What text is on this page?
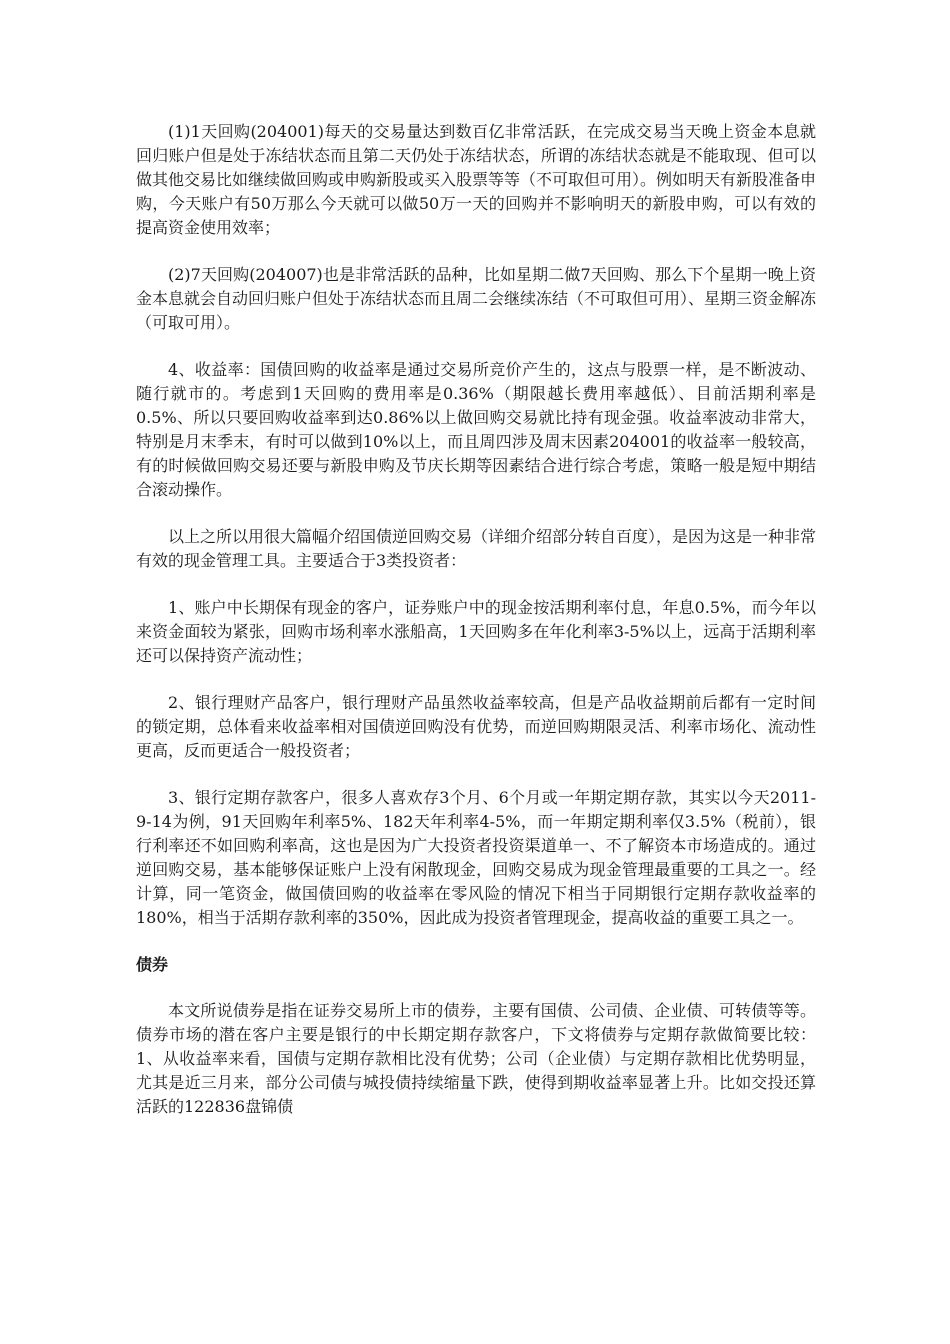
(1)1天回购(204001)每天的交易量达到数百亿非常活跃，在完成交易当天晚上资金本息就回归账户但是处于冻结状态而且第二天仍处于冻结状态，所谓的冻结状态就是不能取现、但可以做其他交易比如继续做回购或申购新股或买入股票等等（不可取但可用）。例如明天有新股准备申购，今天账户有50万那么今天就可以做50万一天的回购并不影响明天的新股申购，可以有效的提高资金使用效率；

(2)7天回购(204007)也是非常活跃的品种，比如星期二做7天回购、那么下个星期一晚上资金本息就会自动回归账户但处于冻结状态而且周二会继续冻结（不可取但可用）、星期三资金解冻（可取可用）。

4、收益率：国债回购的收益率是通过交易所竞价产生的，这点与股票一样，是不断波动、随行就市的。考虑到1天回购的费用率是0.36%（期限越长费用率越低）、目前活期利率是0.5%、所以只要回购收益率到达0.86%以上做回购交易就比持有现金强。收益率波动非常大，特别是月末季末，有时可以做到10%以上，而且周四涉及周末因素204001的收益率一般较高，有的时候做回购交易还要与新股申购及节庆长期等因素结合进行综合考虑，策略一般是短中期结合滚动操作。

以上之所以用很大篇幅介绍国债逆回购交易（详细介绍部分转自百度），是因为这是一种非常有效的现金管理工具。主要适合于3类投资者：

1、账户中长期保有现金的客户，证券账户中的现金按活期利率付息，年息0.5%，而今年以来资金面较为紧张，回购市场利率水涨船高，1天回购多在年化利率3-5%以上，远高于活期利率还可以保持资产流动性；

2、银行理财产品客户，银行理财产品虽然收益率较高，但是产品收益期前后都有一定时间的锁定期，总体看来收益率相对国债逆回购没有优势，而逆回购期限灵活、利率市场化、流动性更高，反而更适合一般投资者；

3、银行定期存款客户，很多人喜欢存3个月、6个月或一年期定期存款，其实以今天2011-9-14为例，91天回购年利率5%、182天年利率4-5%，而一年期定期利率仅3.5%（税前），银行利率还不如回购利率高，这也是因为广大投资者投资渠道单一、不了解资本市场造成的。通过逆回购交易，基本能够保证账户上没有闲散现金，回购交易成为现金管理最重要的工具之一。经计算，同一笔资金，做国债回购的收益率在零风险的情况下相当于同期银行定期存款收益率的180%，相当于活期存款利率的350%，因此成为投资者管理现金，提高收益的重要工具之一。

债券

本文所说债券是指在证券交易所上市的债券，主要有国债、公司债、企业债、可转债等等。债券市场的潜在客户主要是银行的中长期定期存款客户，下文将债券与定期存款做简要比较：1、从收益率来看，国债与定期存款相比没有优势；公司（企业债）与定期存款相比优势明显，尤其是近三月来，部分公司债与城投债持续缩量下跌，使得到期收益率显著上升。比如交投还算活跃的122836盘锦债
